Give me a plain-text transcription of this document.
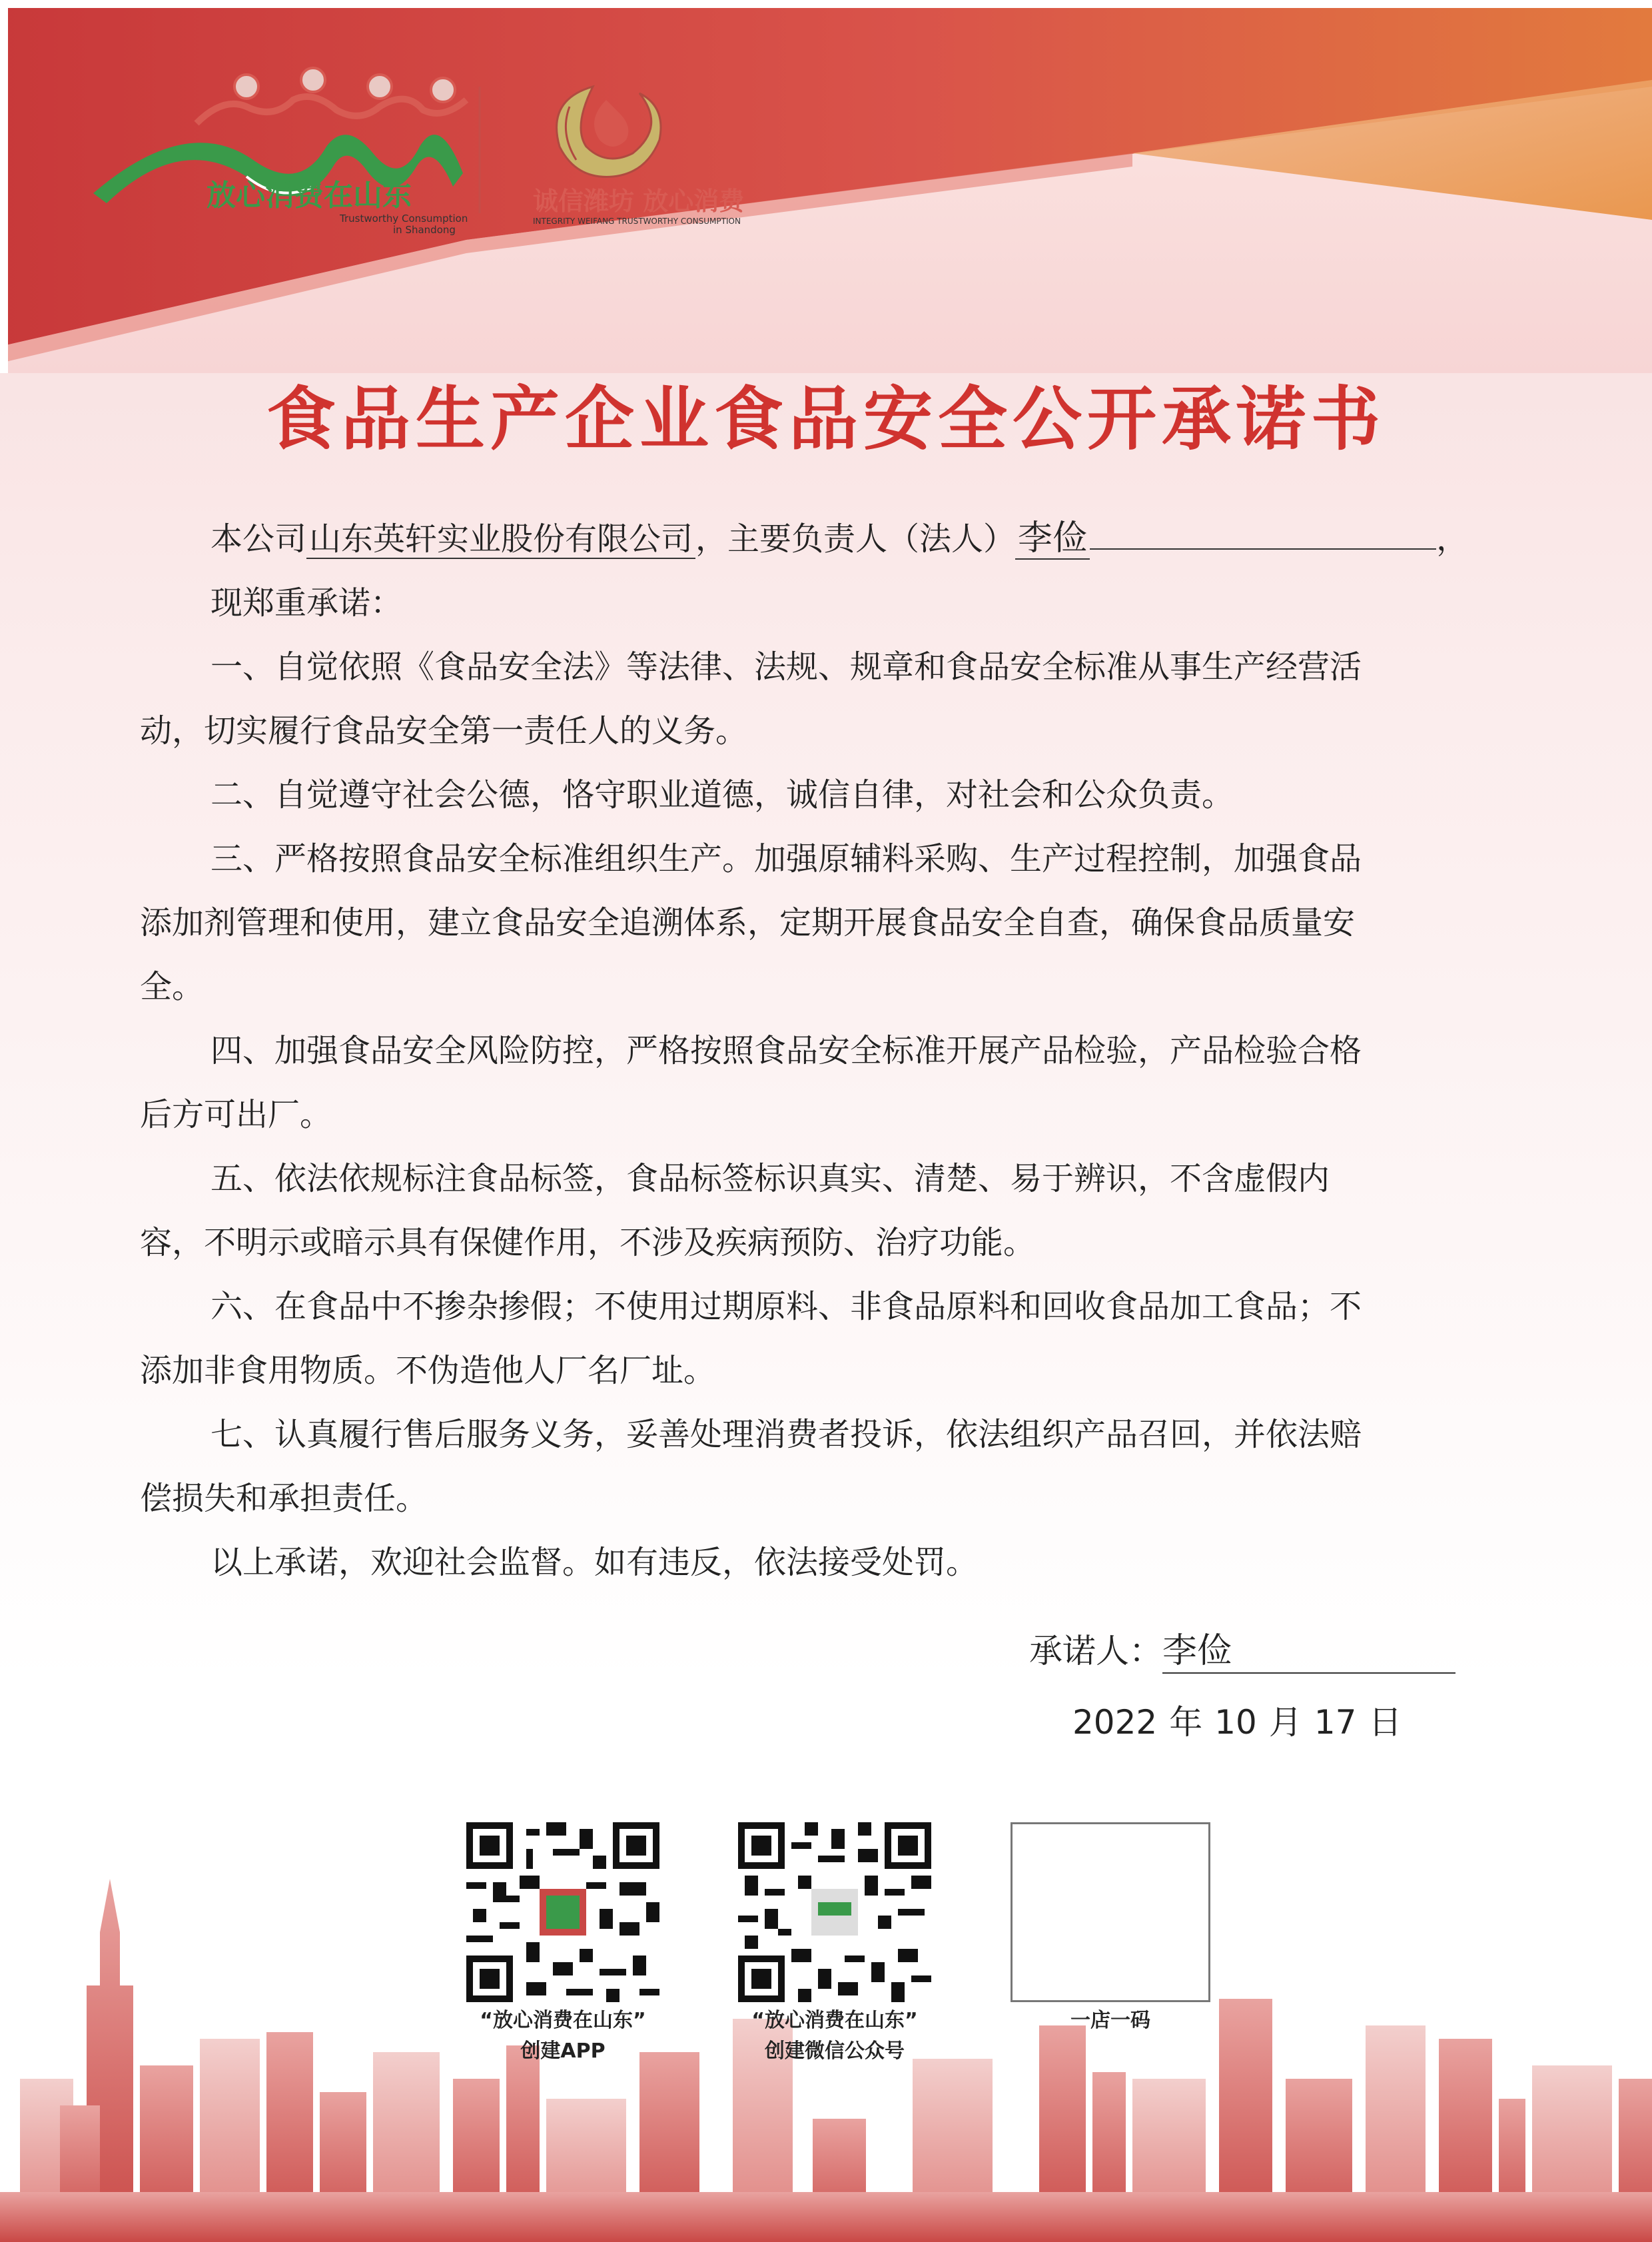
放心消费在山东
Trustworthy Consumption
in Shandong
诚信潍坊 放心消费
INTEGRITY WEIFANG TRUSTWORTHY CONSUMPTION
食品生产企业食品安全公开承诺书
本公司山东英轩实业股份有限公司，主要负责人（法人）李俭	，
现郑重承诺：
一、自觉依照《食品安全法》等法律、法规、规章和食品安全标准从事生产经营活
动，切实履行食品安全第一责任人的义务。
二、自觉遵守社会公德，恪守职业道德，诚信自律，对社会和公众负责。
三、严格按照食品安全标准组织生产。加强原辅料采购、生产过程控制，加强食品
添加剂管理和使用，建立食品安全追溯体系，定期开展食品安全自查，确保食品质量安
全。
四、加强食品安全风险防控，严格按照食品安全标准开展产品检验，产品检验合格
后方可出厂。
五、依法依规标注食品标签，食品标签标识真实、清楚、易于辨识，不含虚假内
容，不明示或暗示具有保健作用，不涉及疾病预防、治疗功能。
六、在食品中不掺杂掺假；不使用过期原料、非食品原料和回收食品加工食品；不
添加非食用物质。不伪造他人厂名厂址。
七、认真履行售后服务义务，妥善处理消费者投诉，依法组织产品召回，并依法赔
偿损失和承担责任。
以上承诺，欢迎社会监督。如有违反，依法接受处罚。
承诺人：李俭
2022 年 10 月 17 日
“放心消费在山东”
创建APP
“放心消费在山东”
创建微信公众号
一店一码
